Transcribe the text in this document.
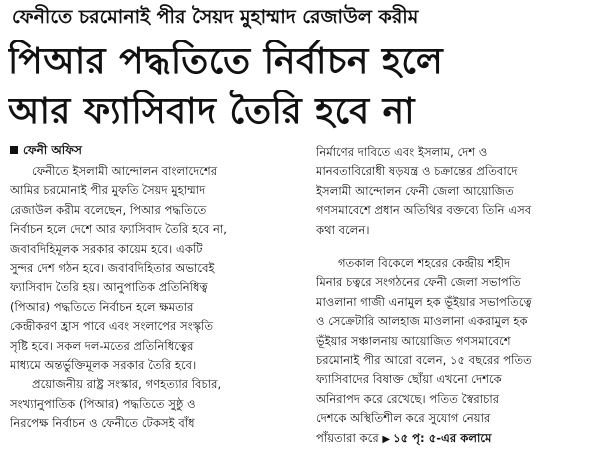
ফেনীতে চরমোনাই পীর সৈয়দ মুহাম্মাদ রেজাউল করীম
পিআর পদ্ধতিতে নির্বাচন হলে
আর ফ্যাসিবাদ তৈরি হবে না
ফেনী অফিস

ফেনীতে ইসলামী আন্দোলন বাংলাদেশের
আমির চরমোনাই পীর মুফতি সৈয়দ মুহাম্মাদ
রেজাউল করীম বলেছেন, পিআর পদ্ধতিতে
নির্বাচন হলে দেশে আর ফ্যাসিবাদ তৈরি হবে না,
জবাবদিহিমূলক সরকার কায়েম হবে। একটি
সুন্দর দেশ গঠন হবে। জবাবদিহিতার অভাবেই
ফ্যাসিবাদ তৈরি হয়। আনুপাতিক প্রতিনিধিত্ব
(পিআর) পদ্ধতিতে নির্বাচন হলে ক্ষমতার
কেন্দ্রীকরণ হ্রাস পাবে এবং সংলাপের সংস্কৃতি
সৃষ্টি হবে। সকল দল-মতের প্রতিনিধিত্বের
মাধ্যমে অন্তর্ভুক্তিমূলক সরকার তৈরি হবে।

প্রয়োজনীয় রাষ্ট্র সংস্কার, গণহত্যার বিচার,
সংখ্যানুপাতিক (পিআর) পদ্ধতিতে সুষ্ঠু ও
নিরপেক্ষ নির্বাচন ও ফেনীতে টেকসই বাঁধ

নির্মাণের দাবিতে এবং ইসলাম, দেশ ও
মানবতাবিরোধী ষড়যন্ত্র ও চক্রান্তের প্রতিবাদে
ইসলামী আন্দোলন ফেনী জেলা আয়োজিত
গণসমাবেশে প্রধান অতিথির বক্তব্যে তিনি এসব
কথা বলেন।

গতকাল বিকেলে শহরের কেন্দ্রীয় শহীদ
মিনার চত্বরে সংগঠনের ফেনী জেলা সভাপতি
মাওলানা গাজী এনামুল হক ভূঁইয়ার সভাপতিত্বে
ও সেক্রেটারি আলহাজ মাওলানা একরামুল হক
ভূঁইয়ার সঞ্চালনায় আয়োজিত গণসমাবেশে
চরমোনাই পীর আরো বলেন, ১৫ বছরের পতিত
ফ্যাসিবাদের বিষাক্ত ছোঁয়া এখনো দেশকে
অনিরাপদ করে রেখেছে। পতিত স্বৈরাচার
দেশকে অস্থিতিশীল করে সুযোগ নেয়ার
পাঁয়তারা করে ▶ ১৫ পৃ: ৫-এর কলামে
